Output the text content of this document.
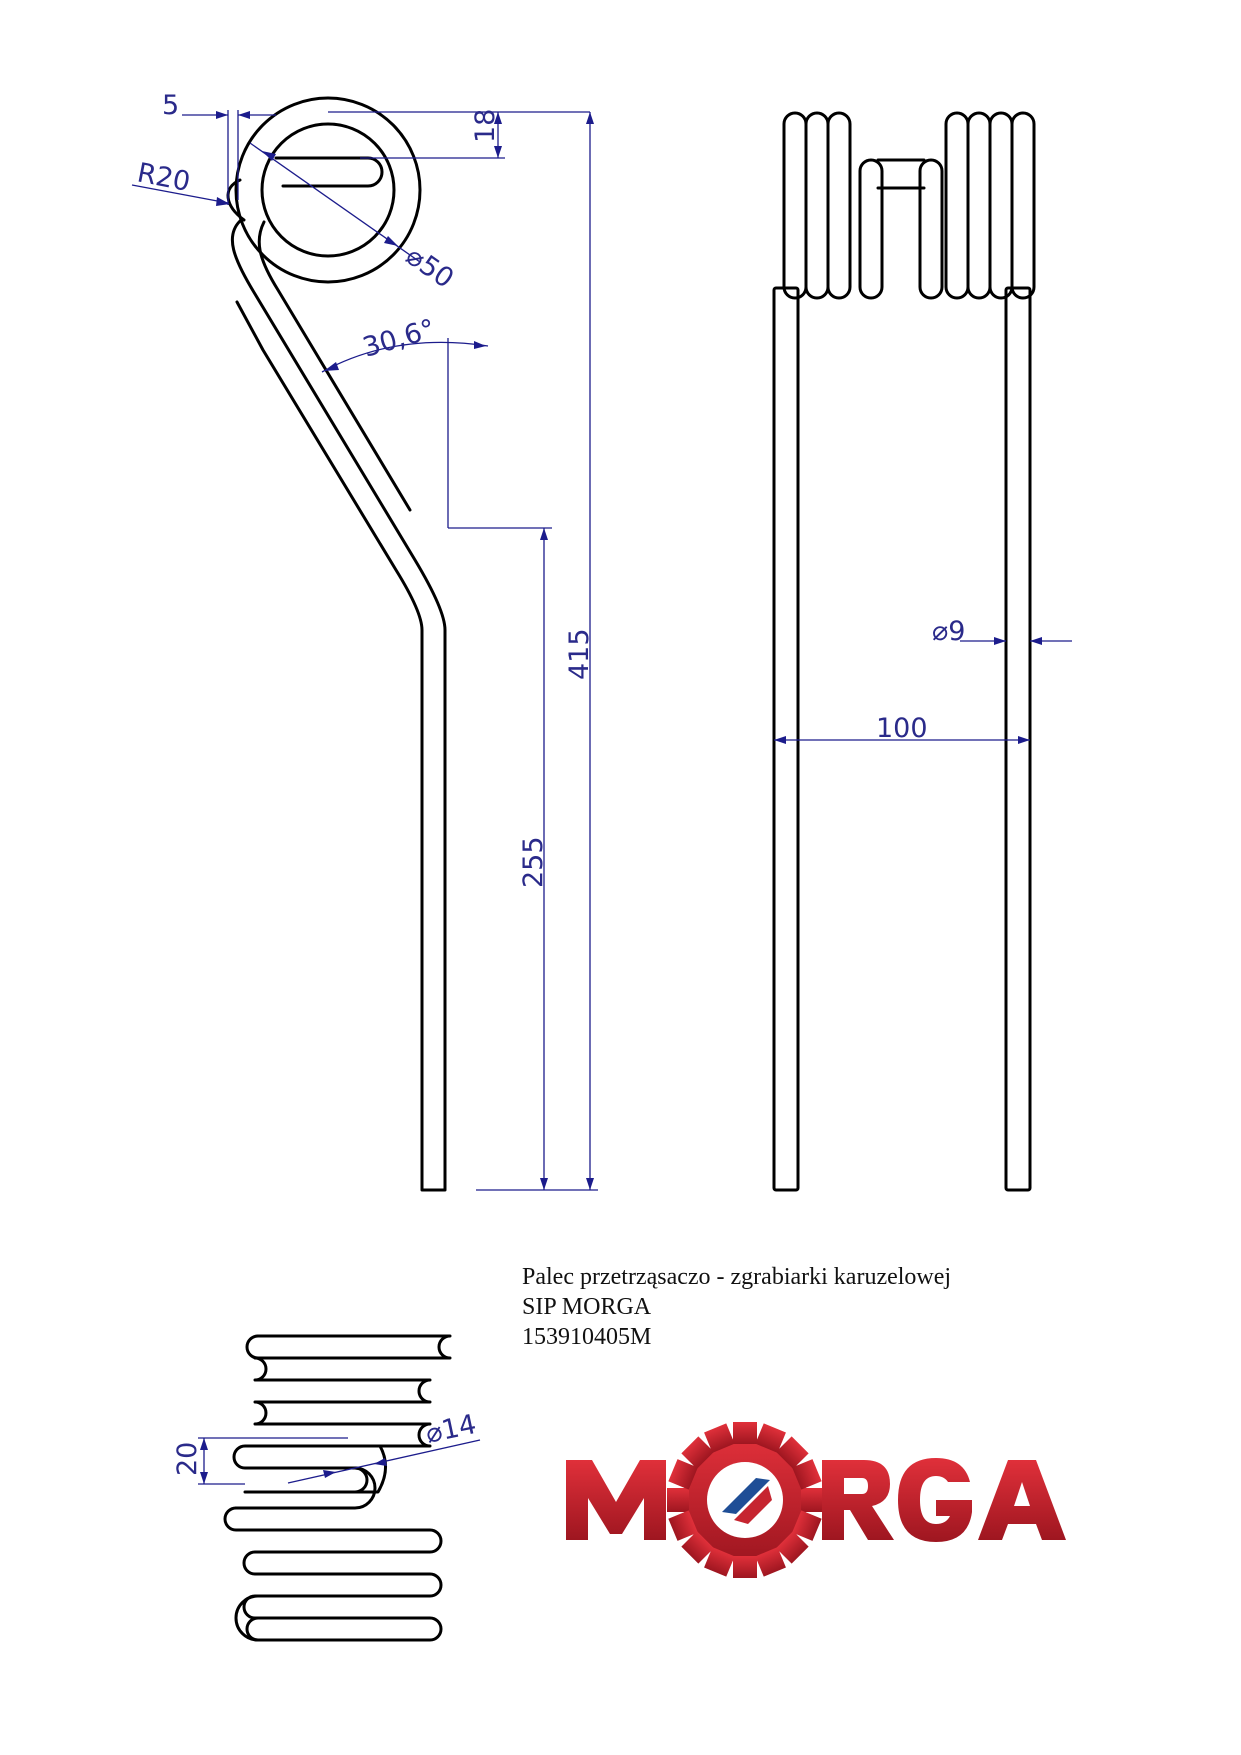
5
18
R20
⌀50
30,6°
415
255
⌀9
100
20
⌀14
Palec przetrząsaczo - zgrabiarki karuzelowej
SIP MORGA
153910405M
